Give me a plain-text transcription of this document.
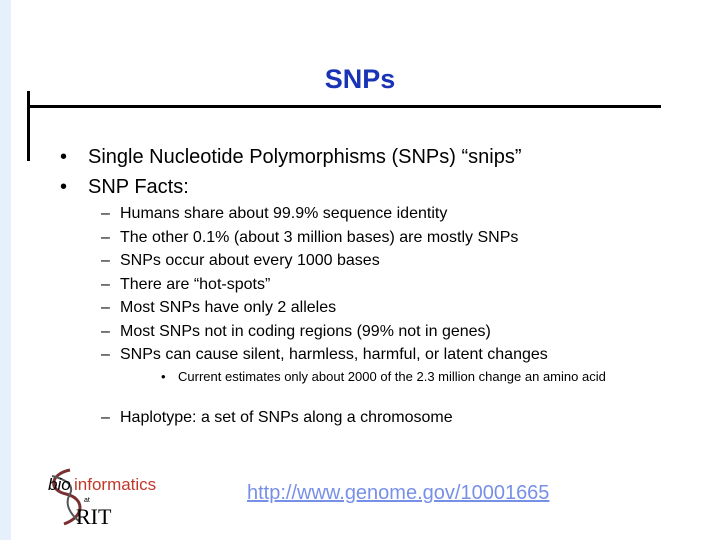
SNPs
•	Single Nucleotide Polymorphisms (SNPs) “snips”
•	SNP Facts:
– Humans share about 99.9% sequence identity
– The other 0.1% (about 3 million bases) are mostly SNPs
– SNPs occur about every 1000 bases
– There are “hot-spots”
– Most SNPs have only 2 alleles
– Most SNPs not in coding regions (99% not in genes)
– SNPs can cause silent, harmless, harmful, or latent changes
• Current estimates only about 2000 of the 2.3 million change an amino acid
– Haplotype: a set of SNPs along a chromosome
bio informatics
at
RIT
http://www.genome.gov/10001665
